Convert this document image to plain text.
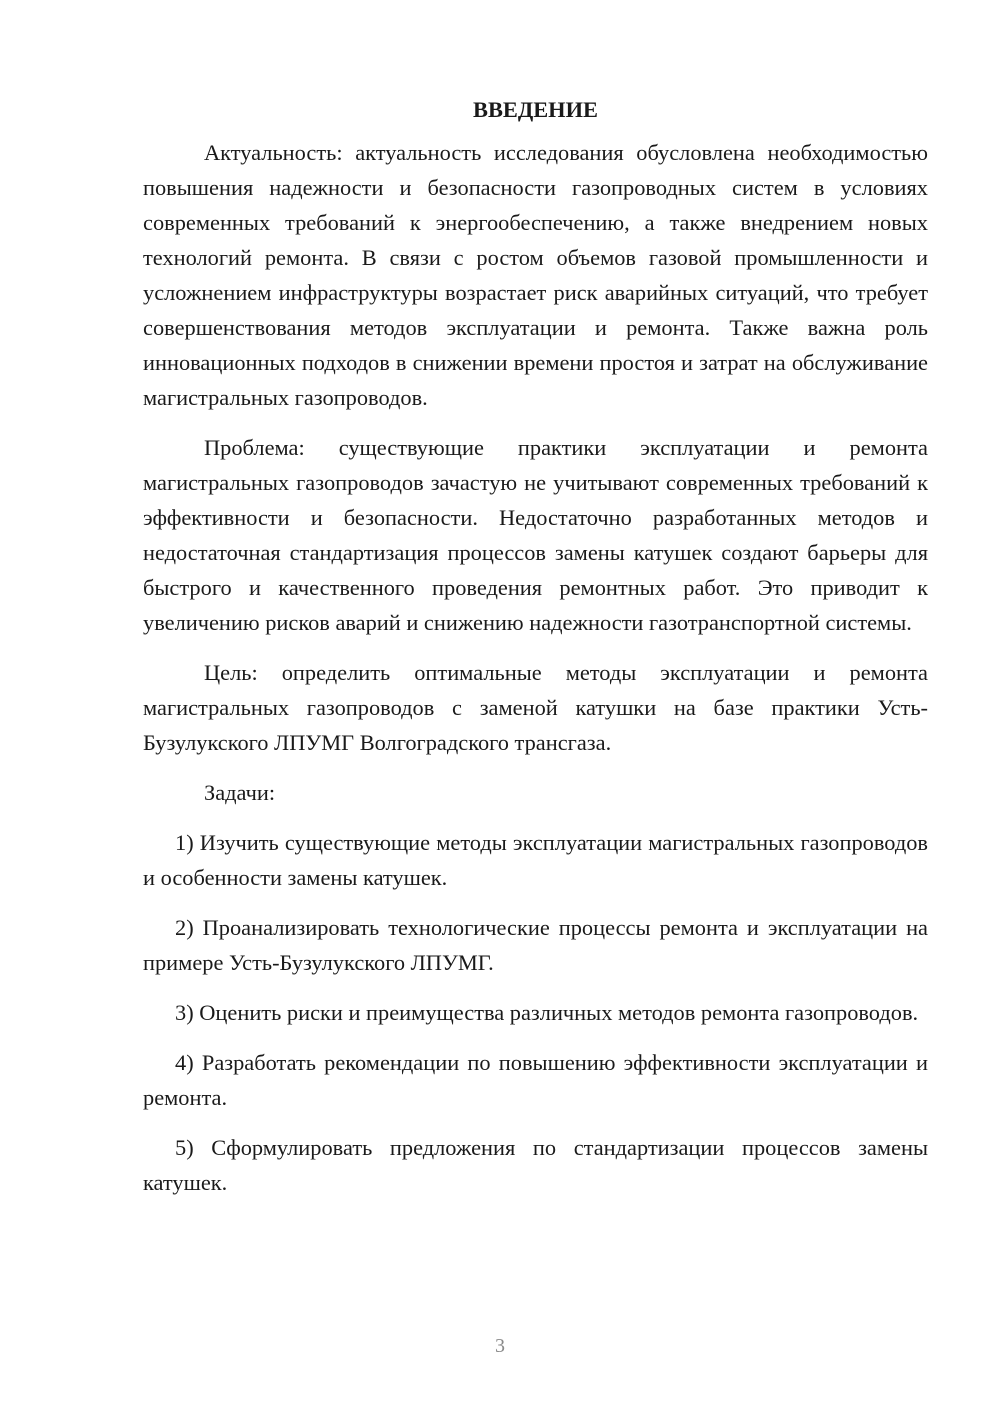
ВВЕДЕНИЕ

Актуальность: актуальность исследования обусловлена необходимостью повышения надежности и безопасности газопроводных систем в условиях современных требований к энергообеспечению, а также внедрением новых технологий ремонта. В связи с ростом объемов газовой промышленности и усложнением инфраструктуры возрастает риск аварийных ситуаций, что требует совершенствования методов эксплуатации и ремонта. Также важна роль инновационных подходов в снижении времени простоя и затрат на обслуживание магистральных газопроводов.

Проблема: существующие практики эксплуатации и ремонта магистральных газопроводов зачастую не учитывают современных требований к эффективности и безопасности. Недостаточно разработанных методов и недостаточная стандартизация процессов замены катушек создают барьеры для быстрого и качественного проведения ремонтных работ. Это приводит к увеличению рисков аварий и снижению надежности газотранспортной системы.

Цель: определить оптимальные методы эксплуатации и ремонта магистральных газопроводов с заменой катушки на базе практики Усть-Бузулукского ЛПУМГ Волгоградского трансгаза.

Задачи:

1) Изучить существующие методы эксплуатации магистральных газопроводов и особенности замены катушек.

2) Проанализировать технологические процессы ремонта и эксплуатации на примере Усть-Бузулукского ЛПУМГ.

3) Оценить риски и преимущества различных методов ремонта газопроводов.

4) Разработать рекомендации по повышению эффективности эксплуатации и ремонта.

5) Сформулировать предложения по стандартизации процессов замены катушек.

3
